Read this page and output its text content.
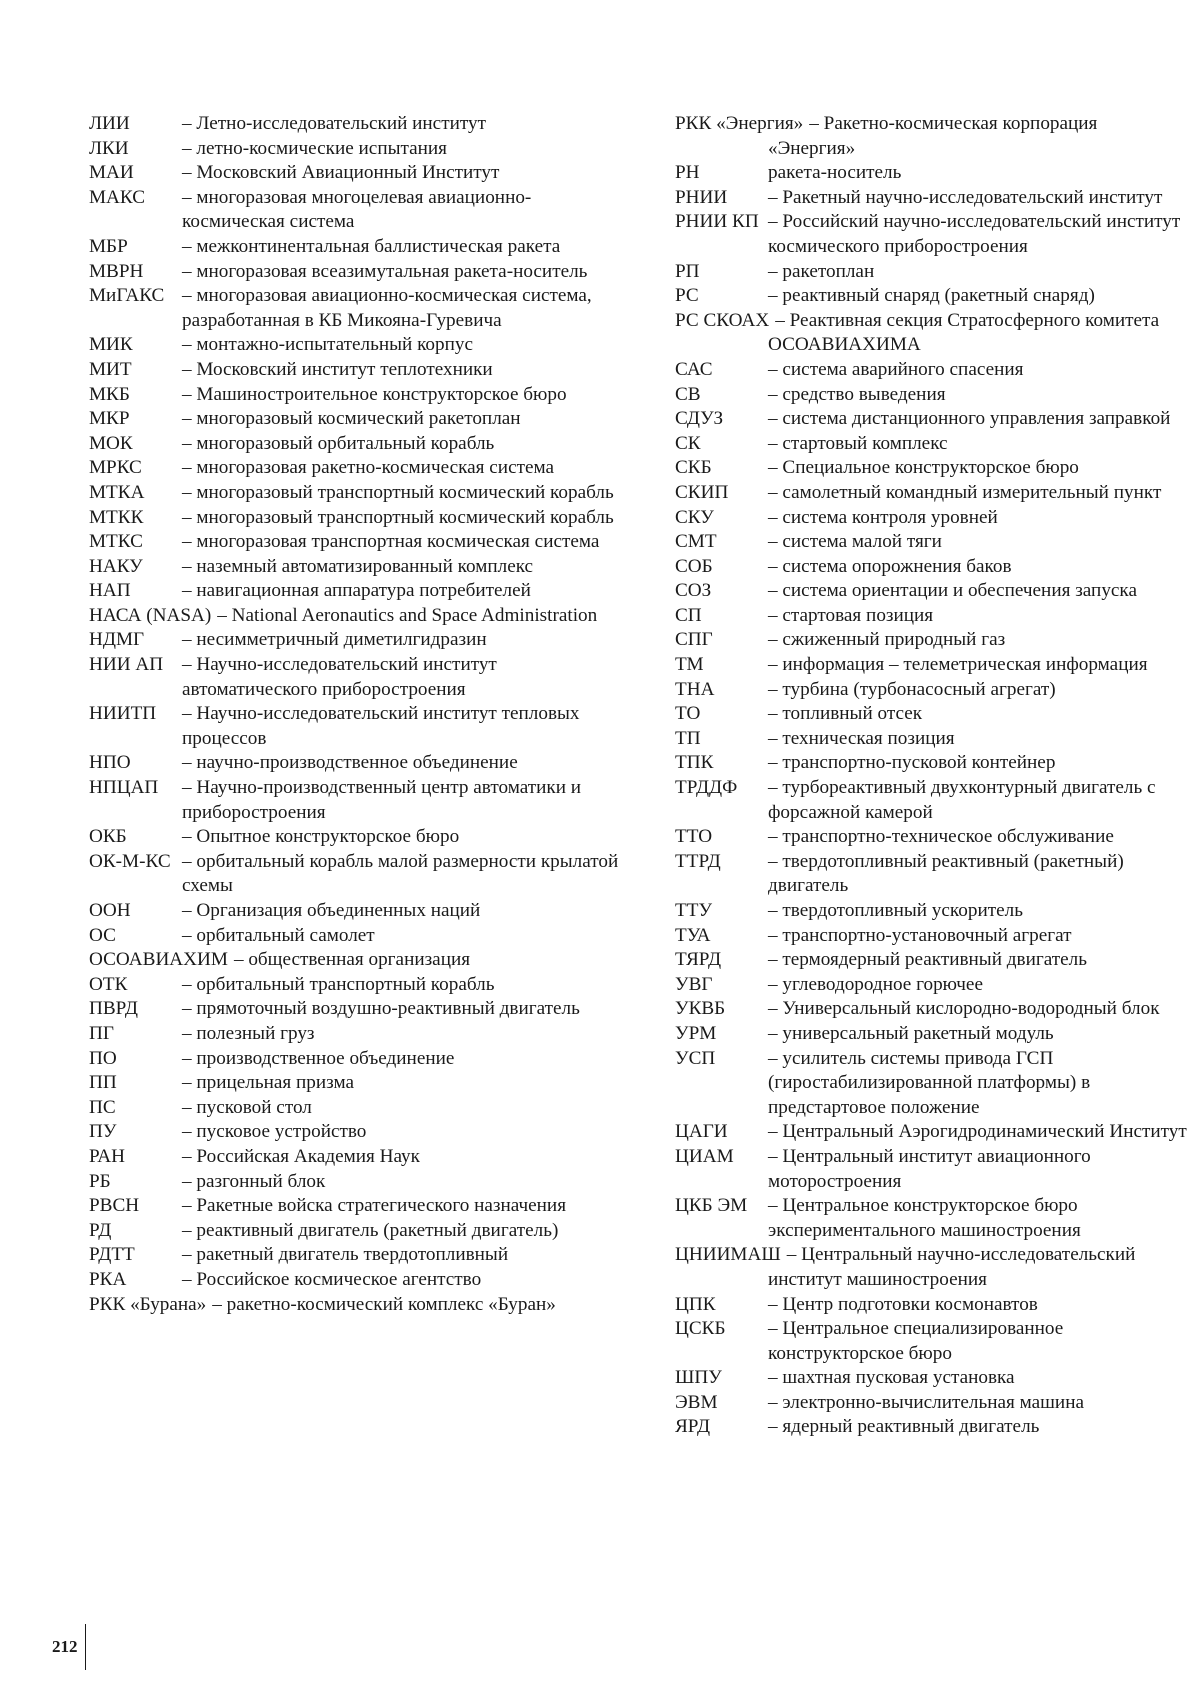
ЛИИ	– Летно-исследовательский институт
ЛКИ	– летно-космические испытания
МАИ	– Московский Авиационный Институт
МАКС	– многоразовая многоцелевая авиационно-космическая система
МБР	– межконтинентальная баллистическая ракета
МВРН	– многоразовая всеазимутальная ракета-носитель
МиГАКС – многоразовая авиационно-космическая система, разработанная в КБ Микояна-Гуревича
МИК	– монтажно-испытательный корпус
МИТ	– Московский институт теплотехники
МКБ	– Машиностроительное конструкторское бюро
МКР	– многоразовый космический ракетоплан
МОК	– многоразовый орбитальный корабль
МРКС	– многоразовая ракетно-космическая система
МТКА	– многоразовый транспортный космический корабль
МТКК	– многоразовый транспортный космический корабль
МТКС	– многоразовая транспортная космическая система
НАКУ	– наземный автоматизированный комплекс
НАП	– навигационная аппаратура потребителей
НАСА (NASA) – National Aeronautics and Space Administration
НДМГ	– несимметричный диметилгидразин
НИИ АП – Научно-исследовательский институт автоматического приборостроения
НИИТП	– Научно-исследовательский институт тепловых процессов
НПО	– научно-производственное объединение
НПЦАП	– Научно-производственный центр автоматики и приборостроения
ОКБ	– Опытное конструкторское бюро
ОК-М-КС – орбитальный корабль малой размерности крылатой схемы
ООН	– Организация объединенных наций
ОС	– орбитальный самолет
ОСОАВИАХИМ – общественная организация
ОТК	– орбитальный транспортный корабль
ПВРД	– прямоточный воздушно-реактивный двигатель
ПГ	– полезный груз
ПО	– производственное объединение
ПП	– прицельная призма
ПС	– пусковой стол
ПУ	– пусковое устройство
РАН	– Российская Академия Наук
РБ	– разгонный блок
РВСН	– Ракетные войска стратегического назначения
РД	– реактивный двигатель (ракетный двигатель)
РДТТ	– ракетный двигатель твердотопливный
РКА	– Российское космическое агентство
РКК «Бурана» – ракетно-космический комплекс «Буран»
РКК «Энергия» – Ракетно-космическая корпорация «Энергия»
РН	ракета-носитель
РНИИ	– Ракетный научно-исследовательский институт
РНИИ КП – Российский научно-исследовательский институт космического приборостроения
РП	– ракетоплан
РС	– реактивный снаряд (ракетный снаряд)
РС СКОАХ – Реактивная секция Стратосферного комитета ОСОАВИАХИМА
САС	– система аварийного спасения
СВ	– средство выведения
СДУЗ	– система дистанционного управления заправкой
СК	– стартовый комплекс
СКБ	– Специальное конструкторское бюро
СКИП	– самолетный командный измерительный пункт
СКУ	– система контроля уровней
СМТ	– система малой тяги
СОБ	– система опорожнения баков
СОЗ	– система ориентации и обеспечения запуска
СП	– стартовая позиция
СПГ	– сжиженный природный газ
ТМ	– информация – телеметрическая информация
ТНА	– турбина (турбонасосный агрегат)
ТО	– топливный отсек
ТП	– техническая позиция
ТПК	– транспортно-пусковой контейнер
ТРДДФ	– турбореактивный двухконтурный двигатель с форсажной камерой
ТТО	– транспортно-техническое обслуживание
ТТРД	– твердотопливный реактивный (ракетный) двигатель
ТТУ	– твердотопливный ускоритель
ТУА	– транспортно-установочный агрегат
ТЯРД	– термоядерный реактивный двигатель
УВГ	– углеводородное горючее
УКВБ	– Универсальный кислородно-водородный блок
УРМ	– универсальный ракетный модуль
УСП	– усилитель системы привода ГСП (гиростабилизированной платформы) в предстартовое положение
ЦАГИ	– Центральный Аэрогидродинамический Институт
ЦИАМ	– Центральный институт авиационного моторостроения
ЦКБ ЭМ	– Центральное конструкторское бюро экспериментального машиностроения
ЦНИИМАШ – Центральный научно-исследовательский институт машиностроения
ЦПК	– Центр подготовки космонавтов
ЦСКБ	– Центральное специализированное конструкторское бюро
ШПУ	– шахтная пусковая установка
ЭВМ	– электронно-вычислительная машина
ЯРД	– ядерный реактивный двигатель
212
